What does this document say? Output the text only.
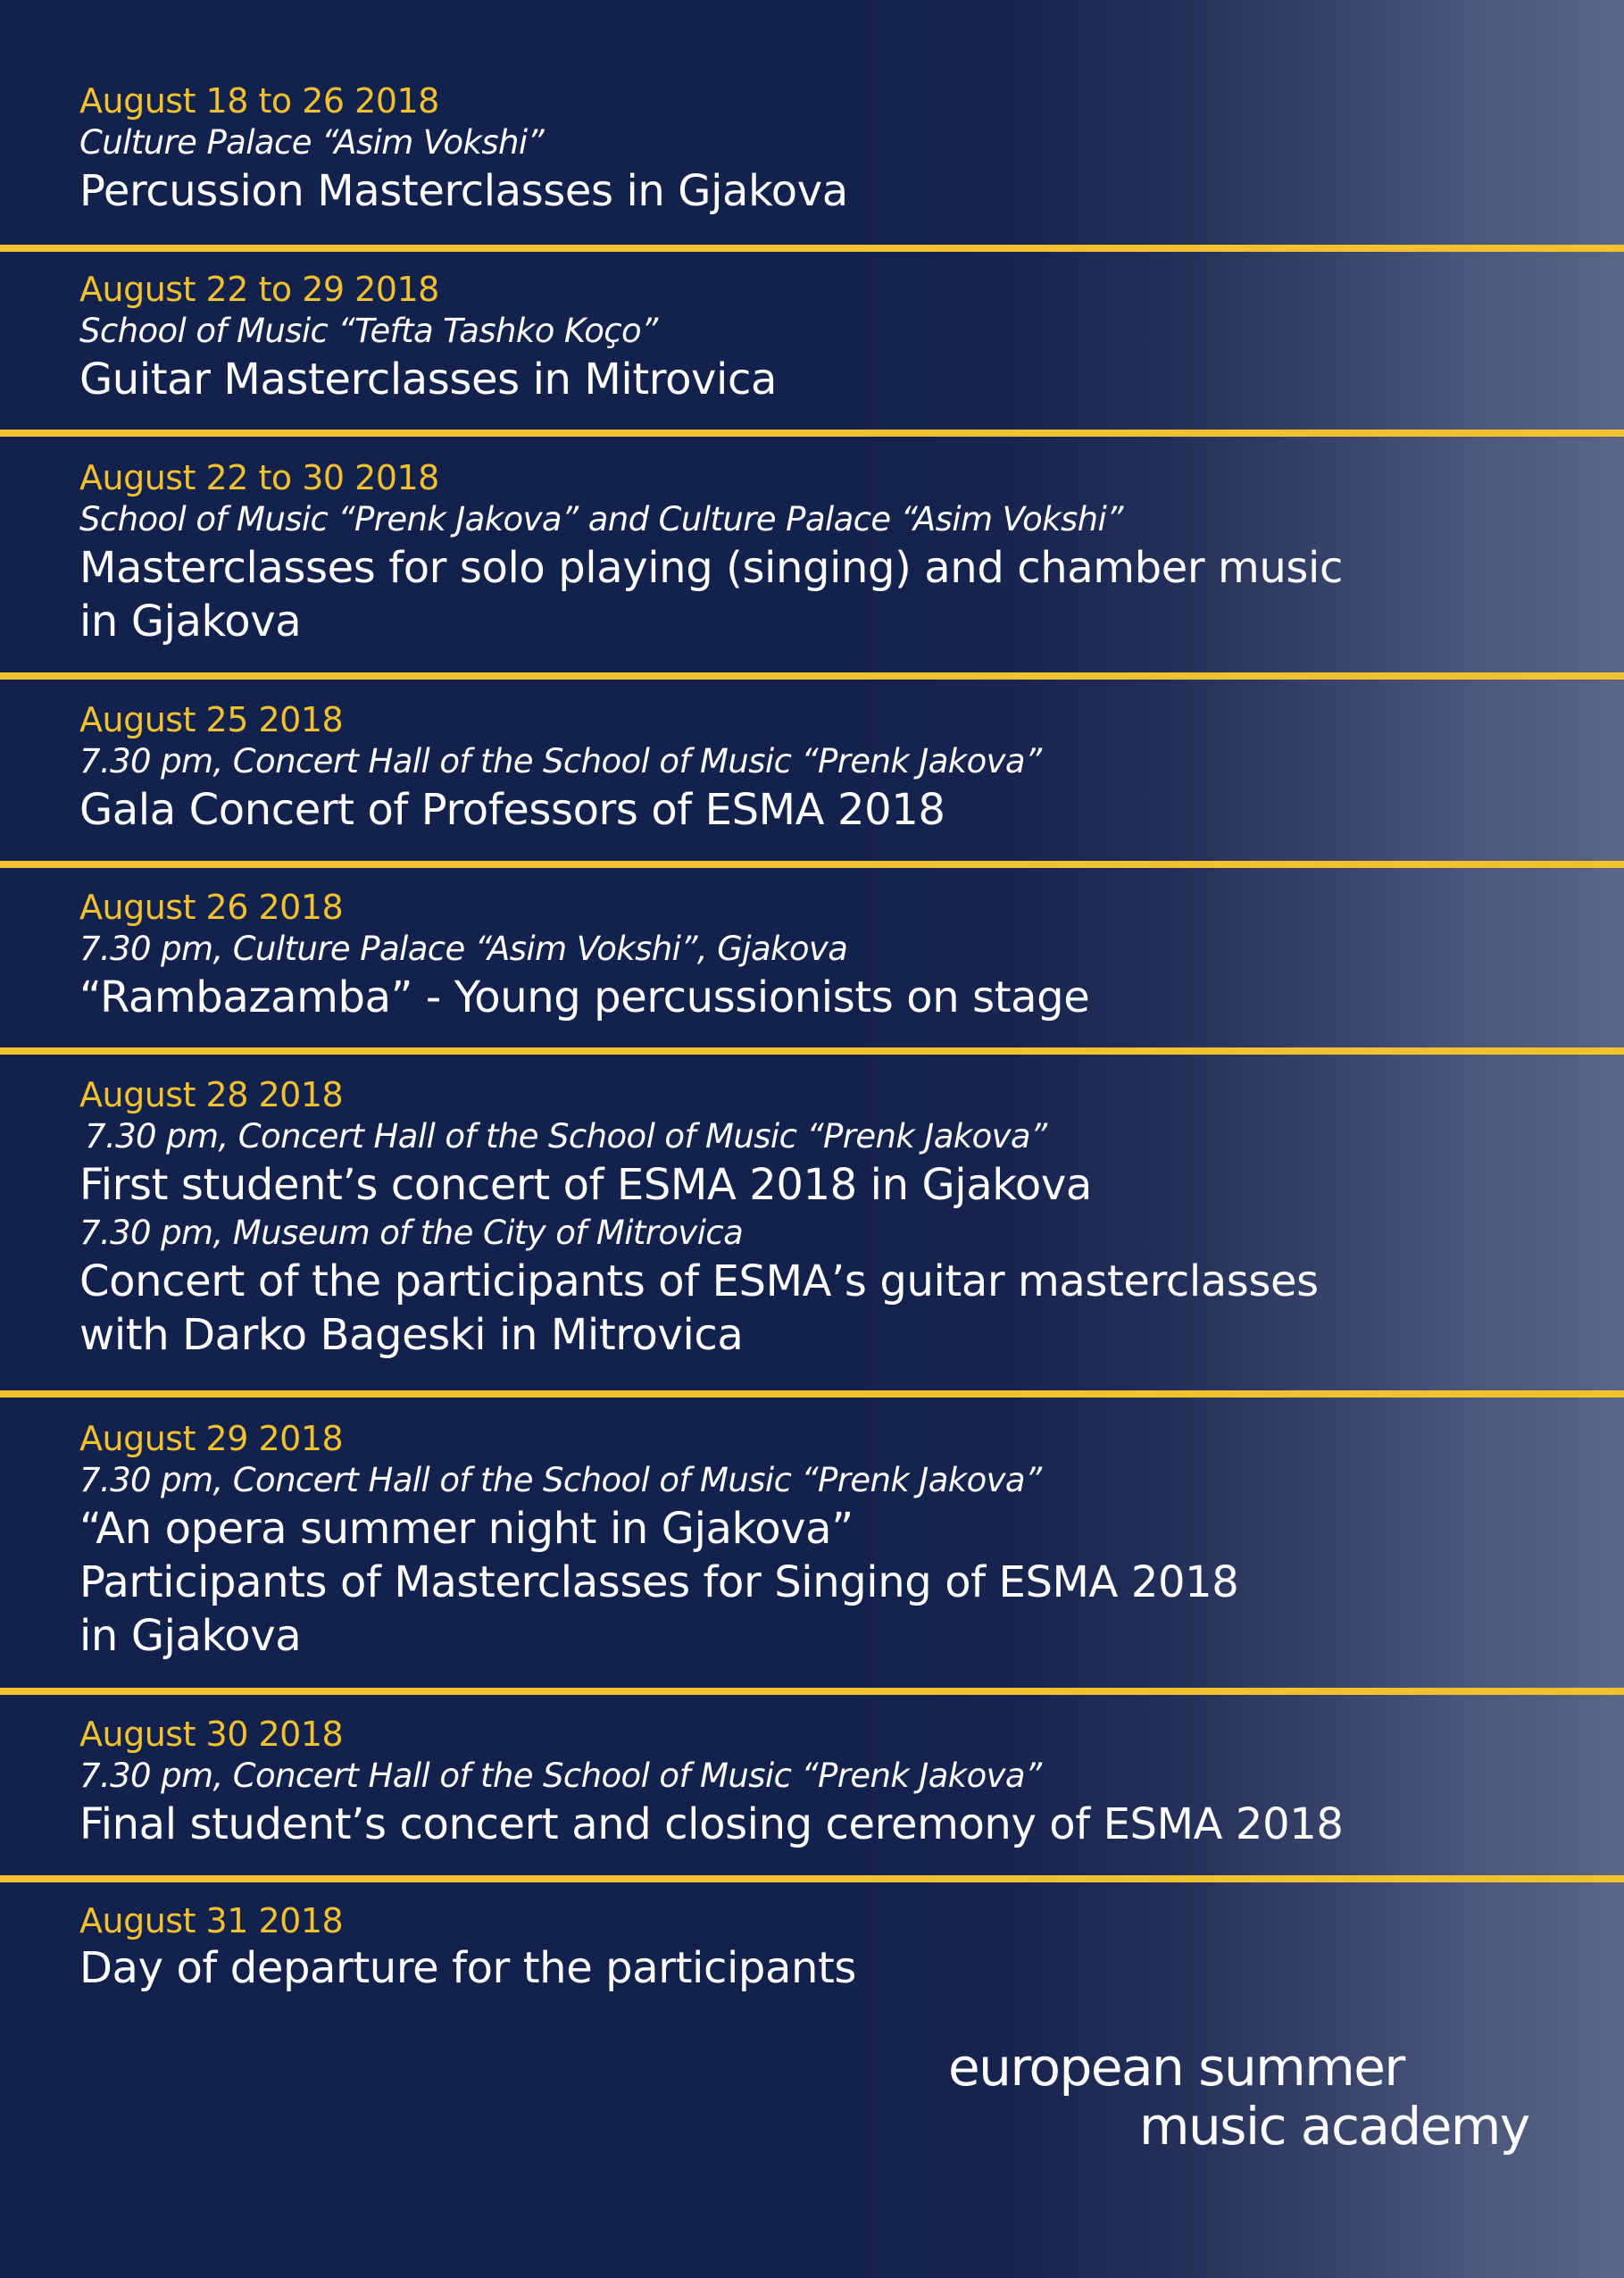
August 18 to 26 2018
Culture Palace “Asim Vokshi”
Percussion Masterclasses in Gjakova
August 22 to 29 2018
School of Music “Tefta Tashko Koço”
Guitar Masterclasses in Mitrovica
August 22 to 30 2018
School of Music “Prenk Jakova” and Culture Palace “Asim Vokshi”
Masterclasses for solo playing (singing) and chamber music
in Gjakova
August 25 2018
7.30 pm, Concert Hall of the School of Music “Prenk Jakova”
Gala Concert of Professors of ESMA 2018
August 26 2018
7.30 pm, Culture Palace “Asim Vokshi”, Gjakova
“Rambazamba” - Young percussionists on stage
August 28 2018
7.30 pm, Concert Hall of the School of Music “Prenk Jakova”
First student’s concert of ESMA 2018 in Gjakova
7.30 pm, Museum of the City of Mitrovica
Concert of the participants of ESMA’s guitar masterclasses
with Darko Bageski in Mitrovica
August 29 2018
7.30 pm, Concert Hall of the School of Music “Prenk Jakova”
“An opera summer night in Gjakova”
Participants of Masterclasses for Singing of ESMA 2018
in Gjakova
August 30 2018
7.30 pm, Concert Hall of the School of Music “Prenk Jakova”
Final student’s concert and closing ceremony of ESMA 2018
August 31 2018
Day of departure for the participants
european summer
music academy
